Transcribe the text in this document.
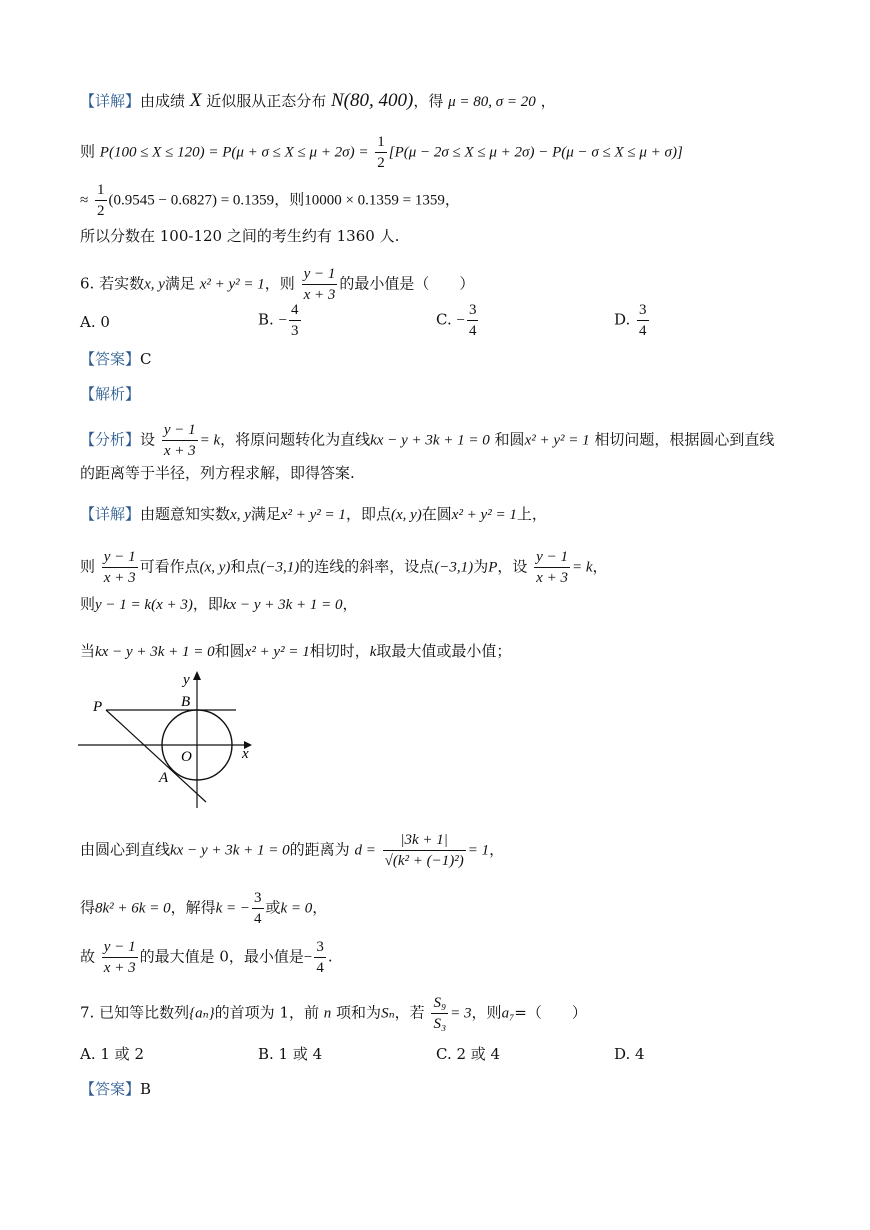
【详解】由成绩 X 近似服从正态分布 N(80, 400)，得 μ = 80, σ = 20 ，
则 $P(100 \le X \le 120) = P(\mu + \sigma \le X \le \mu + 2\sigma) = \frac{1}{2} [P(\mu - 2\sigma \le X \le \mu + 2\sigma) - P(\mu - \sigma \le X \le \mu + \sigma)]$
≈ $\frac{1}{2} (0.9545 - 0.6827) = 0.1359$，则10000 × 0.1359 = 1359，
所以分数在 100-120 之间的考生约有 1360 人.
6. 若实数x, y满足 x² + y² = 1，则 $\frac{y - 1}{x + 3}$ 的最小值是（　　）
A. 0	B. − $\frac{4}{3}$	C. − $\frac{3}{4}$	D. $\frac{3}{4}$
【答案】C
【解析】
【分析】设 $\frac{y - 1}{x + 3} = k$，将原问题转化为直线kx − y + 3k + 1 = 0 和圆x² + y² = 1 相切问题，根据圆心到直线
的距离等于半径，列方程求解，即得答案.
【详解】由题意知实数x, y满足x² + y² = 1，即点(x, y)在圆x² + y² = 1上，
则 $\frac{y - 1}{x + 3}$ 可看作点(x, y)和点(−3,1)的连线的斜率，设点(−3,1)为P，设 $\frac{y - 1}{x + 3} = k$，
则y − 1 = k(x + 3)，即kx − y + 3k + 1 = 0，
当kx − y + 3k + 1 = 0和圆x² + y² = 1相切时，k取最大值或最小值；
P	B
O
A
x
y
由圆心到直线kx − y + 3k + 1 = 0的距离为 $d = \frac{|3k + 1|}{\text{√(k² + (−1)²)}} = 1$，
得8k² + 6k = 0，解得k = − $\frac{3}{4}$ 或k = 0，
故 $\frac{y - 1}{x + 3}$ 的最大值是 0，最小值是− $\frac{3}{4}$ .
7. 已知等比数列{aₙ}的首项为 1，前 n 项和为Sₙ，若 $\frac{\text{S₉}}{\text{S₃}} = 3$，则a₇=（　　）
A. 1 或 2	B. 1 或 4	C. 2 或 4	D. 4
【答案】B
